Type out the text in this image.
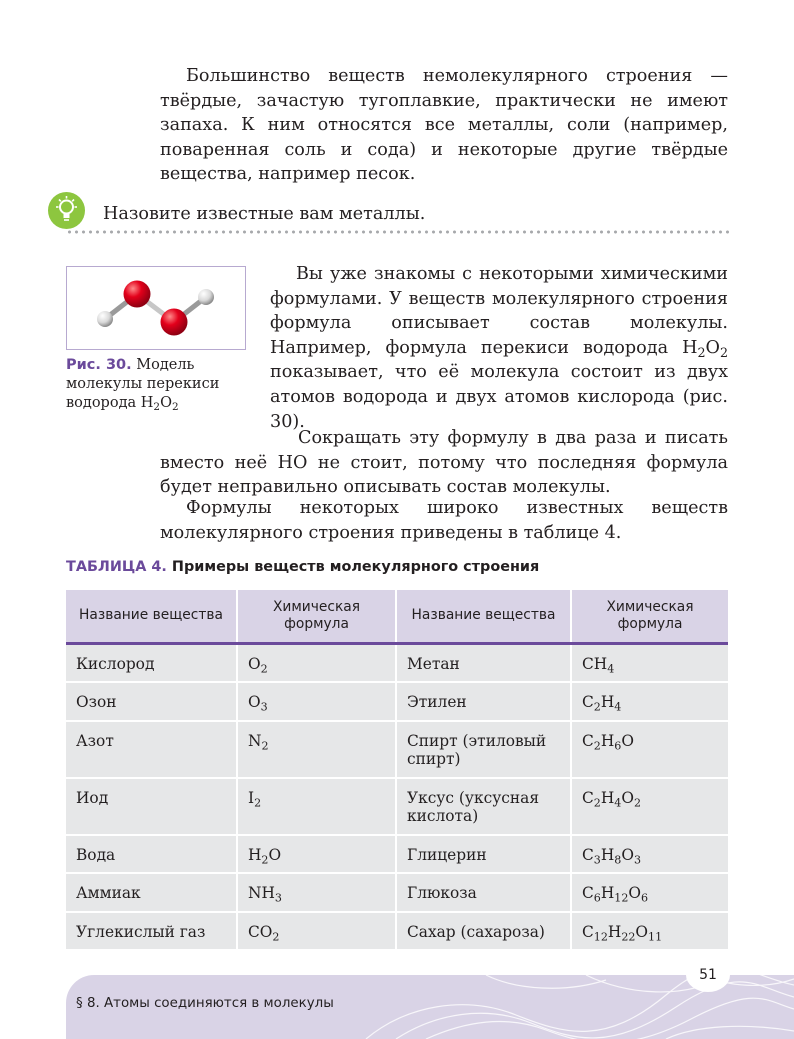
Большинство веществ немолекулярного строения — твёрдые, зачастую тугоплавкие, практически не имеют запаха. К ним относятся все металлы, соли (например, поваренная соль и сода) и некоторые другие твёрдые вещества, например песок.

Назовите известные вам металлы.

Рис. 30. Модель молекулы перекиси водорода $H_2O_2$

Вы уже знакомы с некоторыми химическими формулами. У веществ молекулярного строения формула описывает состав молекулы. Например, формула перекиси водорода $H_2O_2$ показывает, что её молекула состоит из двух атомов водорода и двух атомов кислорода (рис. 30).

Сокращать эту формулу в два раза и писать вместо неё НО не стоит, потому что последняя формула будет неправильно описывать состав молекулы.

Формулы некоторых широко известных веществ молекулярного строения приведены в таблице 4.

ТАБЛИЦА 4. Примеры веществ молекулярного строения

Название вещества	Химическая формула	Название вещества	Химическая формула
Кислород	$O_2$	Метан	$CH_4$
Озон	$O_3$	Этилен	$C_2H_4$
Азот	$N_2$	Спирт (этиловый спирт)	$C_2H_6O$
Иод	$I_2$	Уксус (уксусная кислота)	$C_2H_4O_2$
Вода	$H_2O$	Глицерин	$C_3H_8O_3$
Аммиак	$NH_3$	Глюкоза	$C_6H_{12}O_6$
Углекислый газ	$CO_2$	Сахар (сахароза)	$C_{12}H_{22}O_{11}$
51
§ 8. Атомы соединяются в молекулы
